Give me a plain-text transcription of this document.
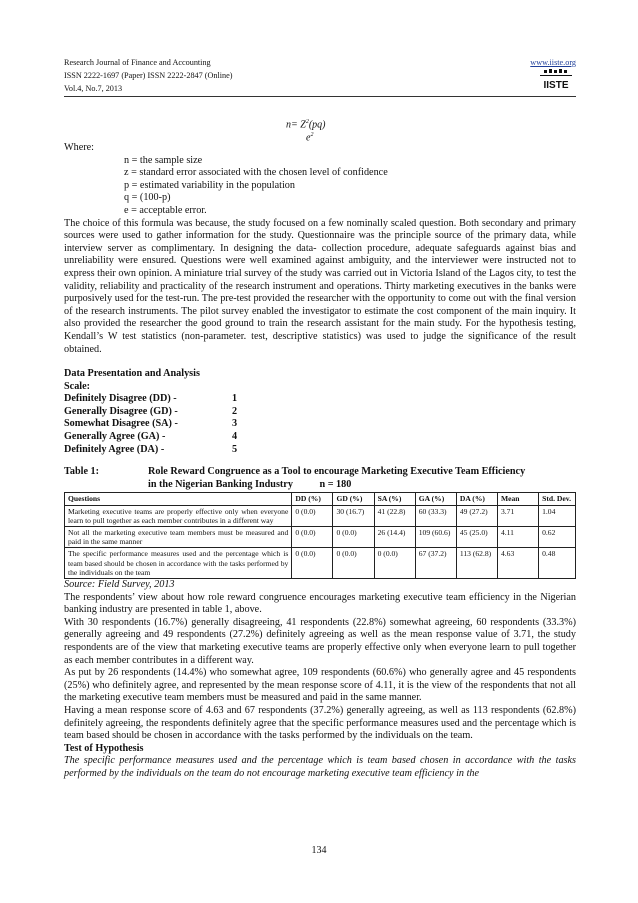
Research Journal of Finance and Accounting
ISSN 2222-1697 (Paper) ISSN 2222-2847 (Online)
Vol.4, No.7, 2013
www.iiste.org
IISTE
$n= Z^2(pq)$
$e^2$
Where:
n = the sample size
z = standard error associated with the chosen level of confidence
p = estimated variability in the population
q = (100-p)
e = acceptable error.
The choice of this formula was because, the study focused on a few nominally scaled question. Both secondary and primary sources were used to gather information for the study. Questionnaire was the principle source of the primary data, while interview server as complimentary. In designing the data- collection procedure, adequate safeguards against bias and unreliability were ensured. Questions were well examined against ambiguity, and the interviewer were instructed not to express their own opinion. A miniature trial survey of the study was carried out in Victoria Island of the Lagos city, to test the validity, reliability and practicality of the research instrument and operations. Thirty marketing executives in the banks were purposively used for the test-run. The pre-test provided the researcher with the opportunity to come out with the final version of the research instruments. The pilot survey enabled the investigator to estimate the cost component of the main inquiry. It also provided the researcher the good ground to train the research assistant for the main study. For the hypothesis testing, Kendall’s W test statistics (non-parameter. test, descriptive statistics) was used to judge the significance of the result obtained.
Data Presentation and Analysis
Scale:
Definitely Disagree (DD) -	1
Generally Disagree (GD) -	2
Somewhat Disagree (SA) -	3
Generally Agree (GA) -	4
Definitely Agree (DA) -	5
Table 1:	Role Reward Congruence as a Tool to encourage Marketing Executive Team Efficiency
in the Nigerian Banking Industry	n = 180
Questions	DD (%)	GD (%)	SA (%)	GA (%)	DA (%)	Mean	Std. Dev.
Marketing executive teams are properly effective only when everyone learn to pull together as each member contributes in a different way	0 (0.0)	30 (16.7)	41 (22.8)	60 (33.3)	49 (27.2)	3.71	1.04
Not all the marketing executive team members must be measured and paid in the same manner	0 (0.0)	0 (0.0)	26 (14.4)	109 (60.6)	45 (25.0)	4.11	0.62
The specific performance measures used and the percentage which is team based should be chosen in accordance with the tasks performed by the individuals on the team	0 (0.0)	0 (0.0)	0 (0.0)	67 (37.2)	113 (62.8)	4.63	0.48
Source: Field Survey, 2013
The respondents’ view about how role reward congruence encourages marketing executive team efficiency in the Nigerian banking industry are presented in table 1, above.
With 30 respondents (16.7%) generally disagreeing, 41 respondents (22.8%) somewhat agreeing, 60 respondents (33.3%) generally agreeing and 49 respondents (27.2%) definitely agreeing as well as the mean response value of 3.71, the study respondents are of the view that marketing executive teams are properly effective only when everyone learn to pull together as each member contributes in a different way.
As put by 26 respondents (14.4%) who somewhat agree, 109 respondents (60.6%) who generally agree and 45 respondents (25%) who definitely agree, and represented by the mean response score of 4.11, it is the view of the respondents that not all the marketing executive team members must be measured and paid in the same manner.
Having a mean response score of 4.63 and 67 respondents (37.2%) generally agreeing, as well as 113 respondents (62.8%) definitely agreeing, the respondents definitely agree that the specific performance measures used and the percentage which is team based should be chosen in accordance with the tasks performed by the individuals on the team.
Test of Hypothesis
The specific performance measures used and the percentage which is team based chosen in accordance with the tasks performed by the individuals on the team do not encourage marketing executive team efficiency in the
134
